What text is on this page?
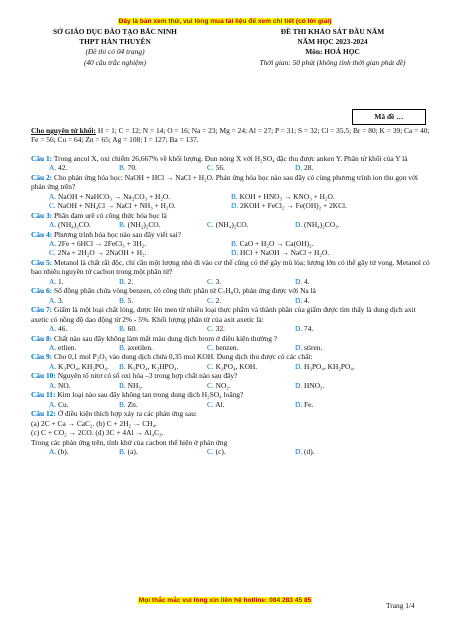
Đây là bản xem thử, vui lòng mua tài liệu để xem chi tiết (có lời giải)
SỞ GIÁO DỤC ĐÀO TẠO BẮC NINH
THPT HÀN THUYÊN
(Đề thi có 04 trang)
(40 câu trắc nghiệm)
ĐỀ THI KHẢO SÁT ĐẦU NĂM
NĂM HỌC 2023-2024
Môn: HOÁ HỌC
Thời gian: 50 phút (không tính thời gian phát đề)
Mã đề …

Cho nguyên tử khối: H = 1; C = 12; N = 14; O = 16; Na = 23; Mg = 24; Al = 27; P = 31; S = 32; Cl = 35,5; Br = 80; K = 39; Ca = 40; Fe = 56; Cu = 64; Zn = 65; Ag = 108; I = 127; Ba = 137.

Câu 1: Trong ancol X, oxi chiếm 26,667% về khối lượng. Đun nóng X với H₂SO₄ đặc thu được anken Y. Phân tử khối của Y là

A. 42.	B. 70.	C. 56.	D. 28.

Câu 2: Cho phản ứng hóa học: NaOH + HCl → NaCl + H₂O. Phản ứng hóa học nào sau đây có cùng phương trình ion thu gọn với phản ứng trên?

A. NaOH + NaHCO₃ → Na₂CO₃ + H₂O.	B. KOH + HNO₃ → KNO₃ + H₂O.
C. NaOH + NH₄Cl → NaCl + NH₃ + H₂O.	D. 2KOH + FeCl₂ → Fe(OH)₂ + 2KCl.

Câu 3: Phân đạm urê có công thức hóa học là

A. (NH₄)₂CO.	B. (NH₂)₂CO.	C. (NH₄)₂CO.	D. (NH₄)₂CO₃.

Câu 4: Phương trình hóa học nào sau đây viết sai?

A. 2Fe + 6HCl → 2FeCl₃ + 3H₂.	B. CaO + H₂O → Ca(OH)₂.
C. 2Na + 2H₂O → 2NaOH + H₂.	D. HCl + NaOH → NaCl + H₂O.

Câu 5: Metanol là chất rất độc, chỉ cần một lượng nhỏ đi vào cơ thể cũng có thể gây mù lòa; lượng lớn có thể gây tử vong. Metanol có bao nhiêu nguyên tử cacbon trong một phân tử?

A. 1.	B. 2.	C. 3.	D. 4.

Câu 6: Số đồng phân chứa vòng benzen, có công thức phân tử C₇H₈O, phản ứng được với Na là

A. 3.	B. 5.	C. 2.	D. 4.

Câu 7: Giấm là một loại chất lỏng, được lên men từ nhiều loại thực phẩm và thành phần của giấm được tìm thấy là dung dịch axit axetic có nồng độ dao động từ 2% - 5%. Khối lượng phân tử của axit axetic là:

A. 46.	B. 60.	C. 32.	D. 74.

Câu 8: Chất nào sau đây không làm mất màu dung dịch brom ở điều kiện thường ?

A. etlien.	B. axetilen.	C. benzen.	D. stiren.

Câu 9: Cho 0,1 mol P₂O₅ vào dung dịch chứa 0,35 mol KOH. Dung dịch thu được có các chất:

A. K₃PO₄, KH₂PO₄.	B. K₃PO₄, K₂HPO₄.	C. K₃PO₄, KOH.	D. H₃PO₄, KH₂PO₄.

Câu 10: Nguyên tố nitơ có số oxi hóa –3 trong hợp chất nào sau đây?

A. NO.	B. NH₃.	C. NO₂.	D. HNO₃.

Câu 11: Kim loại nào sau đây không tan trong dung dịch H₂SO₄ loãng?

A. Cu.	B. Zn.	C. Al.	D. Fe.

Câu 12: Ở điều kiện thích hợp xảy ra các phản ứng sau:

(a) 2C + Ca → CaC₂. (b) C + 2H₂ → CH₄.

(c) C + CO₂ → 2CO. (d) 3C + 4Al → Al₄C₃.

Trong các phản ứng trên, tính khử của cacbon thể hiện ở phản ứng

A. (b).	B. (a).	C. (c).	D. (d).
Mọi thắc mắc vui lòng xin liên hệ hotline: 084 283 45 85
Trang 1/4
